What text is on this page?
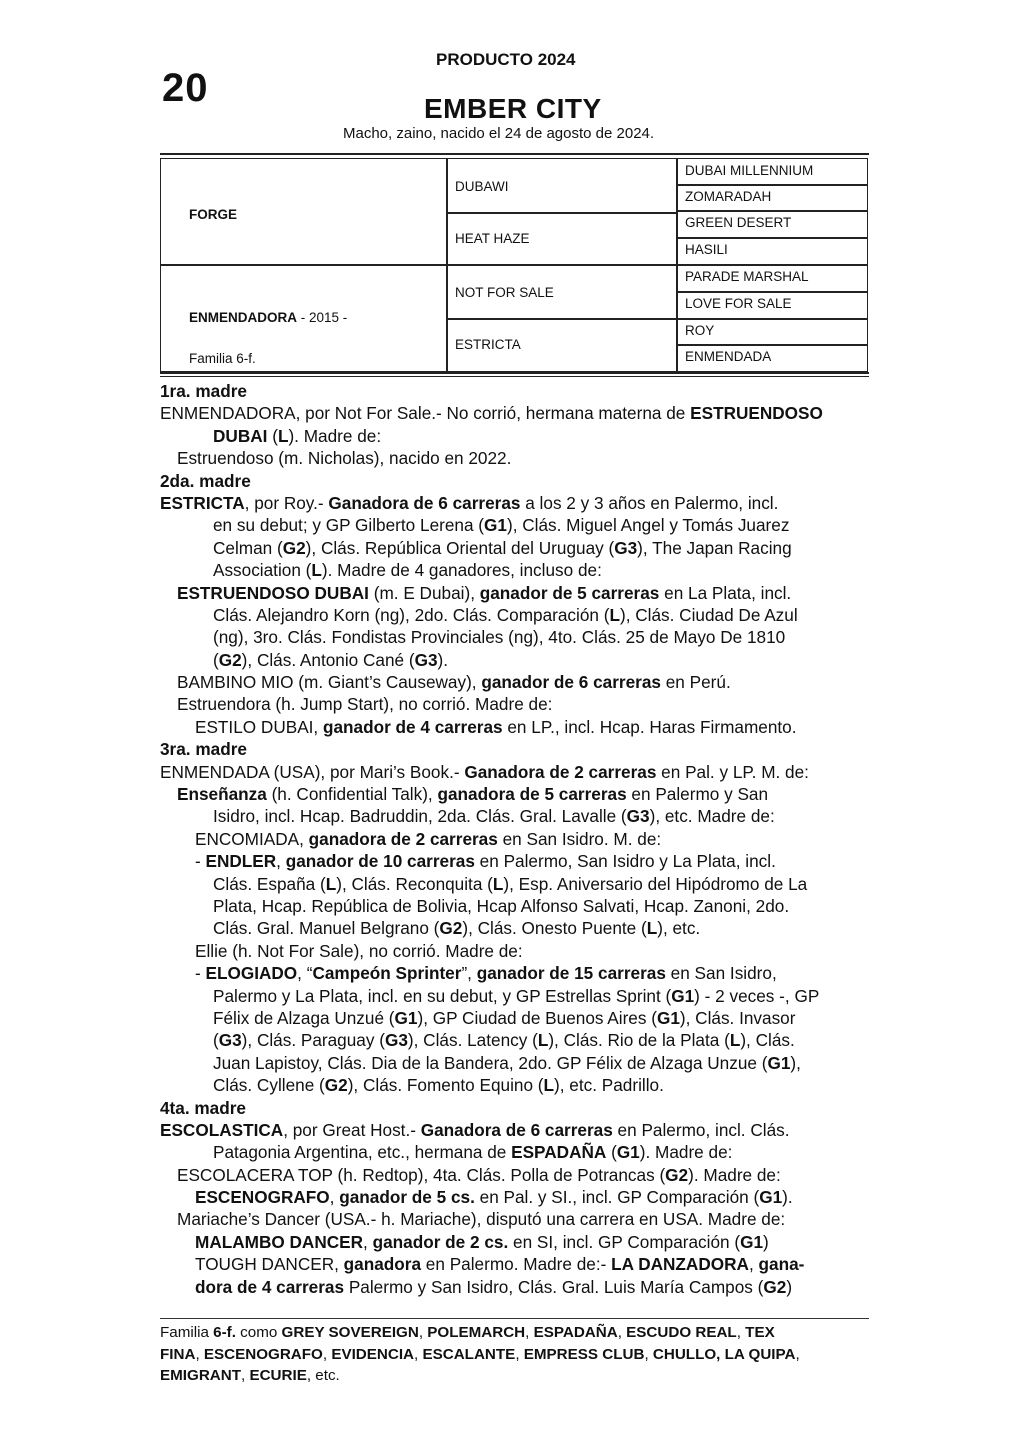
20
PRODUCTO 2024
EMBER CITY
Macho, zaino, nacido el 24 de agosto de 2024.
FORGE
ENMENDADORA - 2015 -
Familia 6-f.
DUBAWI
HEAT HAZE
NOT FOR SALE
ESTRICTA
DUBAI MILLENNIUM
ZOMARADAH
GREEN DESERT
HASILI
PARADE MARSHAL
LOVE FOR SALE
ROY
ENMENDADA
1ra. madre
ENMENDADORA, por Not For Sale.- No corrió, hermana materna de ESTRUENDOSO
DUBAI (L). Madre de:
Estruendoso (m. Nicholas), nacido en 2022.
2da. madre
ESTRICTA, por Roy.- Ganadora de 6 carreras a los 2 y 3 años en Palermo, incl.
en su debut; y GP Gilberto Lerena (G1), Clás. Miguel Angel y Tomás Juarez
Celman (G2), Clás. República Oriental del Uruguay (G3), The Japan Racing
Association (L). Madre de 4 ganadores, incluso de:
ESTRUENDOSO DUBAI (m. E Dubai), ganador de 5 carreras en La Plata, incl.
Clás. Alejandro Korn (ng), 2do. Clás. Comparación (L), Clás. Ciudad De Azul
(ng), 3ro. Clás. Fondistas Provinciales (ng), 4to. Clás. 25 de Mayo De 1810
(G2), Clás. Antonio Cané (G3).
BAMBINO MIO (m. Giant’s Causeway), ganador de 6 carreras en Perú.
Estruendora (h. Jump Start), no corrió. Madre de:
ESTILO DUBAI, ganador de 4 carreras en LP., incl. Hcap. Haras Firmamento.
3ra. madre
ENMENDADA (USA), por Mari’s Book.- Ganadora de 2 carreras en Pal. y LP. M. de:
Enseñanza (h. Confidential Talk), ganadora de 5 carreras en Palermo y San
Isidro, incl. Hcap. Badruddin, 2da. Clás. Gral. Lavalle (G3), etc. Madre de:
ENCOMIADA, ganadora de 2 carreras en San Isidro. M. de:
- ENDLER, ganador de 10 carreras en Palermo, San Isidro y La Plata, incl.
Clás. España (L), Clás. Reconquita (L), Esp. Aniversario del Hipódromo de La
Plata, Hcap. República de Bolivia, Hcap Alfonso Salvati, Hcap. Zanoni, 2do.
Clás. Gral. Manuel Belgrano (G2), Clás. Onesto Puente (L), etc.
Ellie (h. Not For Sale), no corrió. Madre de:
- ELOGIADO, “Campeón Sprinter”, ganador de 15 carreras en San Isidro,
Palermo y La Plata, incl. en su debut, y GP Estrellas Sprint (G1) - 2 veces -, GP
Félix de Alzaga Unzué (G1), GP Ciudad de Buenos Aires (G1), Clás. Invasor
(G3), Clás. Paraguay (G3), Clás. Latency (L), Clás. Rio de la Plata (L), Clás.
Juan Lapistoy, Clás. Dia de la Bandera, 2do. GP Félix de Alzaga Unzue (G1),
Clás. Cyllene (G2), Clás. Fomento Equino (L), etc. Padrillo.
4ta. madre
ESCOLASTICA, por Great Host.- Ganadora de 6 carreras en Palermo, incl. Clás.
Patagonia Argentina, etc., hermana de ESPADAÑA (G1). Madre de:
ESCOLACERA TOP (h. Redtop), 4ta. Clás. Polla de Potrancas (G2). Madre de:
ESCENOGRAFO, ganador de 5 cs. en Pal. y SI., incl. GP Comparación (G1).
Mariache’s Dancer (USA.- h. Mariache), disputó una carrera en USA. Madre de:
MALAMBO DANCER, ganador de 2 cs. en SI, incl. GP Comparación (G1)
TOUGH DANCER, ganadora en Palermo. Madre de:- LA DANZADORA, gana-
dora de 4 carreras Palermo y San Isidro, Clás. Gral. Luis María Campos (G2)
Familia 6-f. como GREY SOVEREIGN, POLEMARCH, ESPADAÑA, ESCUDO REAL, TEX
FINA, ESCENOGRAFO, EVIDENCIA, ESCALANTE, EMPRESS CLUB, CHULLO, LA QUIPA,
EMIGRANT, ECURIE, etc.
